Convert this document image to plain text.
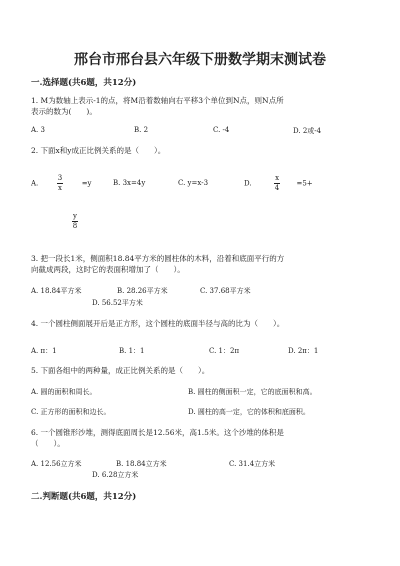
邢台市邢台县六年级下册数学期末测试卷
一.选择题(共6题，共12分)
1. M为数轴上表示-1的点，将M沿着数轴向右平移3个单位到N点，则N点所
表示的数为(　　)。
A. 3	B. 2	C. -4	D. 2或-4
2. 下面x和y成正比例关系的是（　　）。
A.	$\frac{3}{x}$	=y	B. 3x=4y	C. y=x-3	D.	$\frac{x}{4} =5+$
$\frac{y}{8}$
3. 把一段长1米，侧面积18.84平方米的圆柱体的木料，沿着和底面平行的方
向截成两段，这时它的表面积增加了（　　）。
A. 18.84平方米	B. 28.26平方米	C. 37.68平方米
D. 56.52平方米
4. 一个圆柱侧面展开后是正方形，这个圆柱的底面半径与高的比为（　　）。
A. π：1	B. 1：1	C. 1：2π	D. 2π：1
5. 下面各组中的两种量，成正比例关系的是（　　）。
A. 圆的面积和周长。	B. 圆柱的侧面积一定，它的底面积和高。
C. 正方形的面积和边长。	D. 圆柱的高一定，它的体积和底面积。
6. 一个圆锥形沙堆，测得底面周长是12.56米，高1.5米。这个沙堆的体积是
（　　）。
A. 12.56立方米	B. 18.84立方米	C. 31.4立方米
D. 6.28立方米
二.判断题(共6题，共12分)
